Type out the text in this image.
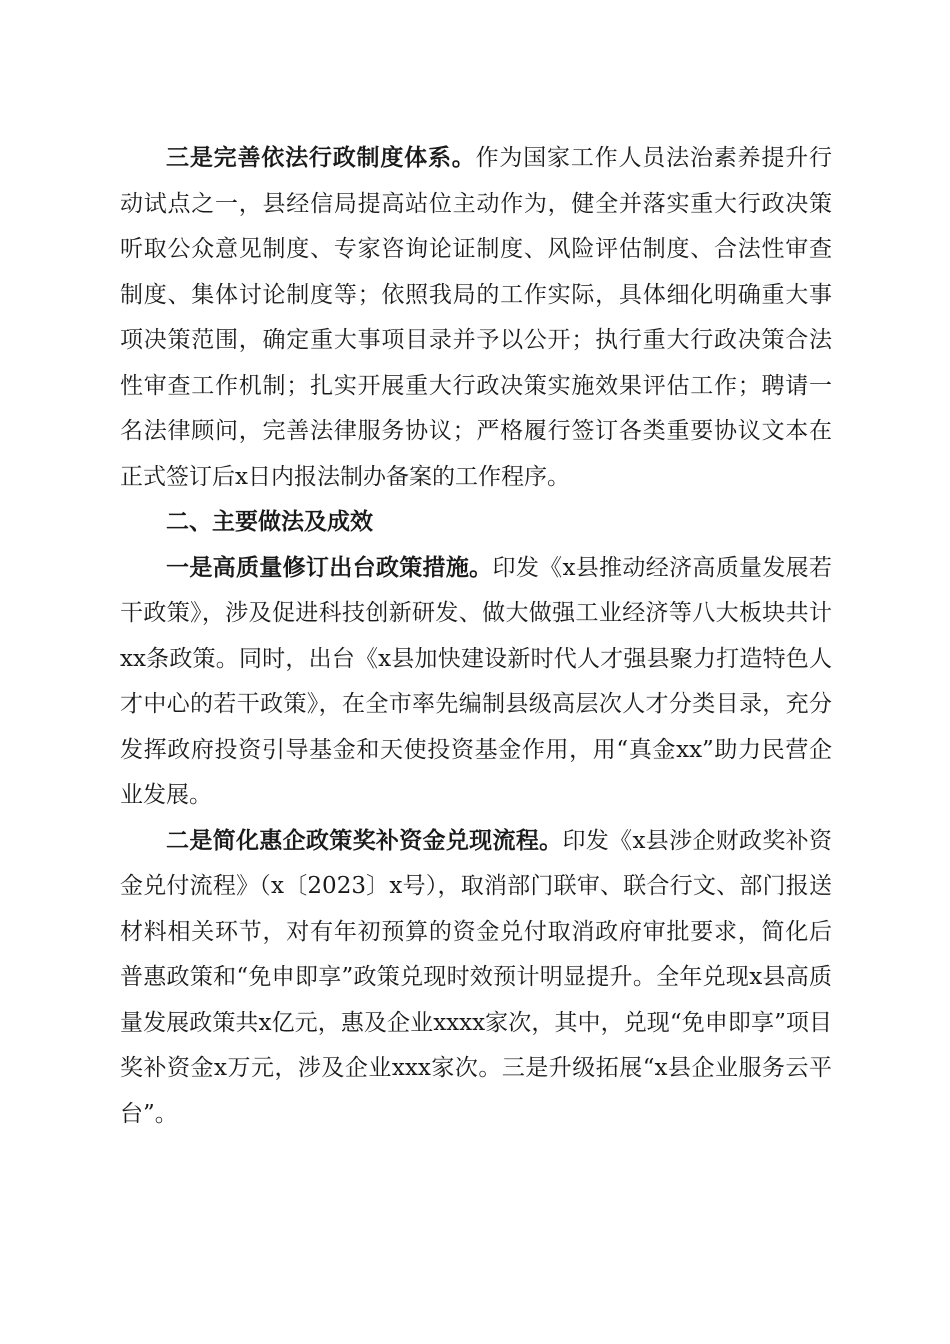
三是完善依法行政制度体系。作为国家工作人员法治素养提升行动试点之一，县经信局提高站位主动作为，健全并落实重大行政决策听取公众意见制度、专家咨询论证制度、风险评估制度、合法性审查制度、集体讨论制度等；依照我局的工作实际，具体细化明确重大事项决策范围，确定重大事项目录并予以公开；执行重大行政决策合法性审查工作机制；扎实开展重大行政决策实施效果评估工作；聘请一名法律顾问，完善法律服务协议；严格履行签订各类重要协议文本在正式签订后x日内报法制办备案的工作程序。

二、主要做法及成效

一是高质量修订出台政策措施。印发《x县推动经济高质量发展若干政策》，涉及促进科技创新研发、做大做强工业经济等八大板块共计xx条政策。同时，出台《x县加快建设新时代人才强县聚力打造特色人才中心的若干政策》，在全市率先编制县级高层次人才分类目录，充分发挥政府投资引导基金和天使投资基金作用，用“真金xx”助力民营企业发展。

二是简化惠企政策奖补资金兑现流程。印发《x县涉企财政奖补资金兑付流程》（x〔2023〕x号），取消部门联审、联合行文、部门报送材料相关环节，对有年初预算的资金兑付取消政府审批要求，简化后普惠政策和“免申即享”政策兑现时效预计明显提升。全年兑现x县高质量发展政策共x亿元，惠及企业xxxx家次，其中，兑现“免申即享”项目奖补资金x万元，涉及企业xxx家次。三是升级拓展“x县企业服务云平台”。
